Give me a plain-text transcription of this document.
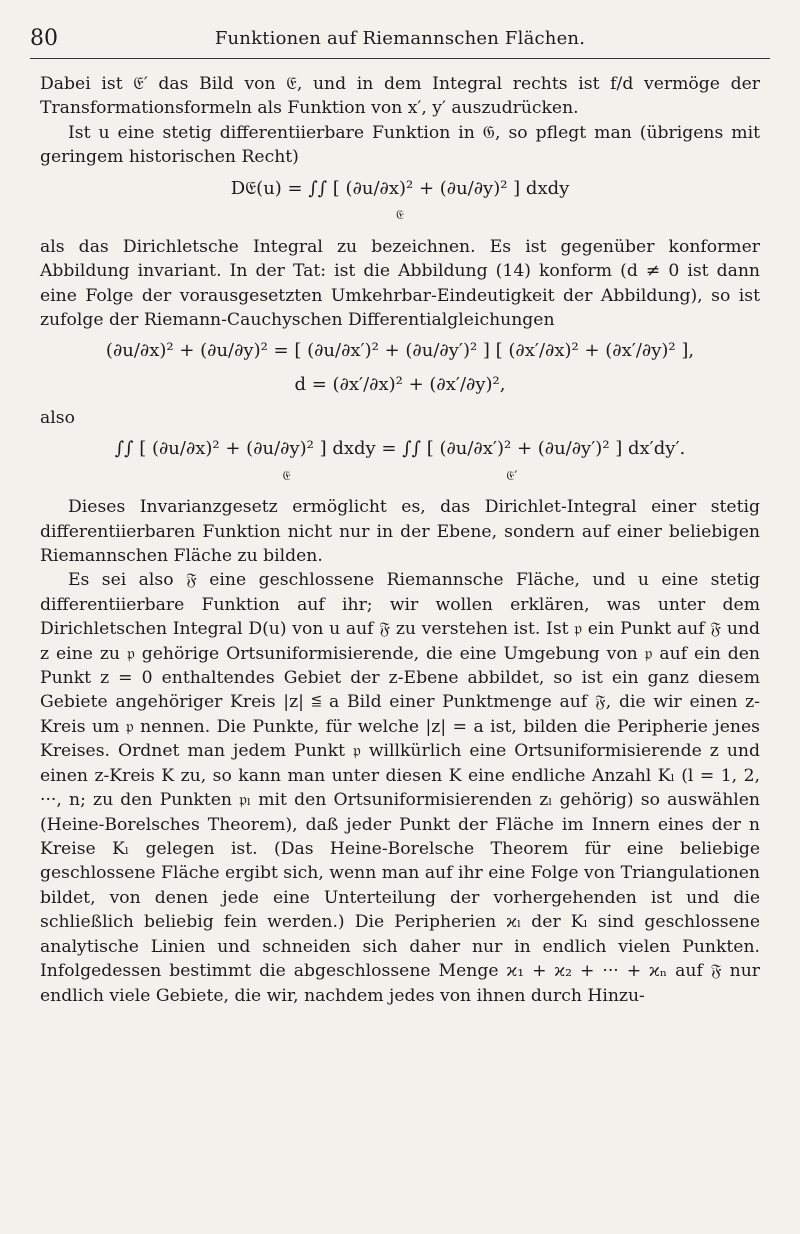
80	Funktionen auf Riemannschen Flächen.

Dabei ist 𝔈′ das Bild von 𝔈, und in dem Integral rechts ist f/d vermöge der Transformationsformeln als Funktion von x′, y′ auszudrücken.

Ist u eine stetig differentiierbare Funktion in 𝔊, so pflegt man (übrigens mit geringem historischen Recht)

D𝔈(u) = ∫∫ [ (∂u/∂x)² + (∂u/∂y)² ] dxdy
𝔈

als das Dirichletsche Integral zu bezeichnen. Es ist gegenüber konformer Abbildung invariant. In der Tat: ist die Abbildung (14) konform (d ≠ 0 ist dann eine Folge der vorausgesetzten Umkehrbar-Eindeutigkeit der Abbildung), so ist zufolge der Riemann-Cauchyschen Differentialgleichungen

(∂u/∂x)² + (∂u/∂y)² = [ (∂u/∂x′)² + (∂u/∂y′)² ] [ (∂x′/∂x)² + (∂x′/∂y)² ],
d = (∂x′/∂x)² + (∂x′/∂y)²,
also
∫∫ [ (∂u/∂x)² + (∂u/∂y)² ] dxdy = ∫∫ [ (∂u/∂x′)² + (∂u/∂y′)² ] dx′dy′.
𝔈	𝔈′

Dieses Invarianzgesetz ermöglicht es, das Dirichlet-Integral einer stetig differentiierbaren Funktion nicht nur in der Ebene, sondern auf einer beliebigen Riemannschen Fläche zu bilden.

Es sei also 𝔉 eine geschlossene Riemannsche Fläche, und u eine stetig differentiierbare Funktion auf ihr; wir wollen erklären, was unter dem Dirichletschen Integral D(u) von u auf 𝔉 zu verstehen ist. Ist 𝔭 ein Punkt auf 𝔉 und z eine zu 𝔭 gehörige Ortsuniformisierende, die eine Umgebung von 𝔭 auf ein den Punkt z = 0 enthaltendes Gebiet der z-Ebene abbildet, so ist ein ganz diesem Gebiete angehöriger Kreis |z| ≦ a Bild einer Punktmenge auf 𝔉, die wir einen z-Kreis um 𝔭 nennen. Die Punkte, für welche |z| = a ist, bilden die Peripherie jenes Kreises. Ordnet man jedem Punkt 𝔭 willkürlich eine Ortsuniformisierende z und einen z-Kreis K zu, so kann man unter diesen K eine endliche Anzahl Kₗ (l = 1, 2, ···, n; zu den Punkten 𝔭ₗ mit den Ortsuniformisierenden zₗ gehörig) so auswählen (Heine-Borelsches Theorem), daß jeder Punkt der Fläche im Innern eines der n Kreise Kₗ gelegen ist. (Das Heine-Borelsche Theorem für eine beliebige geschlossene Fläche ergibt sich, wenn man auf ihr eine Folge von Triangulationen bildet, von denen jede eine Unterteilung der vorhergehenden ist und die schließlich beliebig fein werden.) Die Peripherien ϰₗ der Kₗ sind geschlossene analytische Linien und schneiden sich daher nur in endlich vielen Punkten. Infolgedessen bestimmt die abgeschlossene Menge ϰ₁ + ϰ₂ + ··· + ϰₙ auf 𝔉 nur endlich viele Gebiete, die wir, nachdem jedes von ihnen durch Hinzu-
